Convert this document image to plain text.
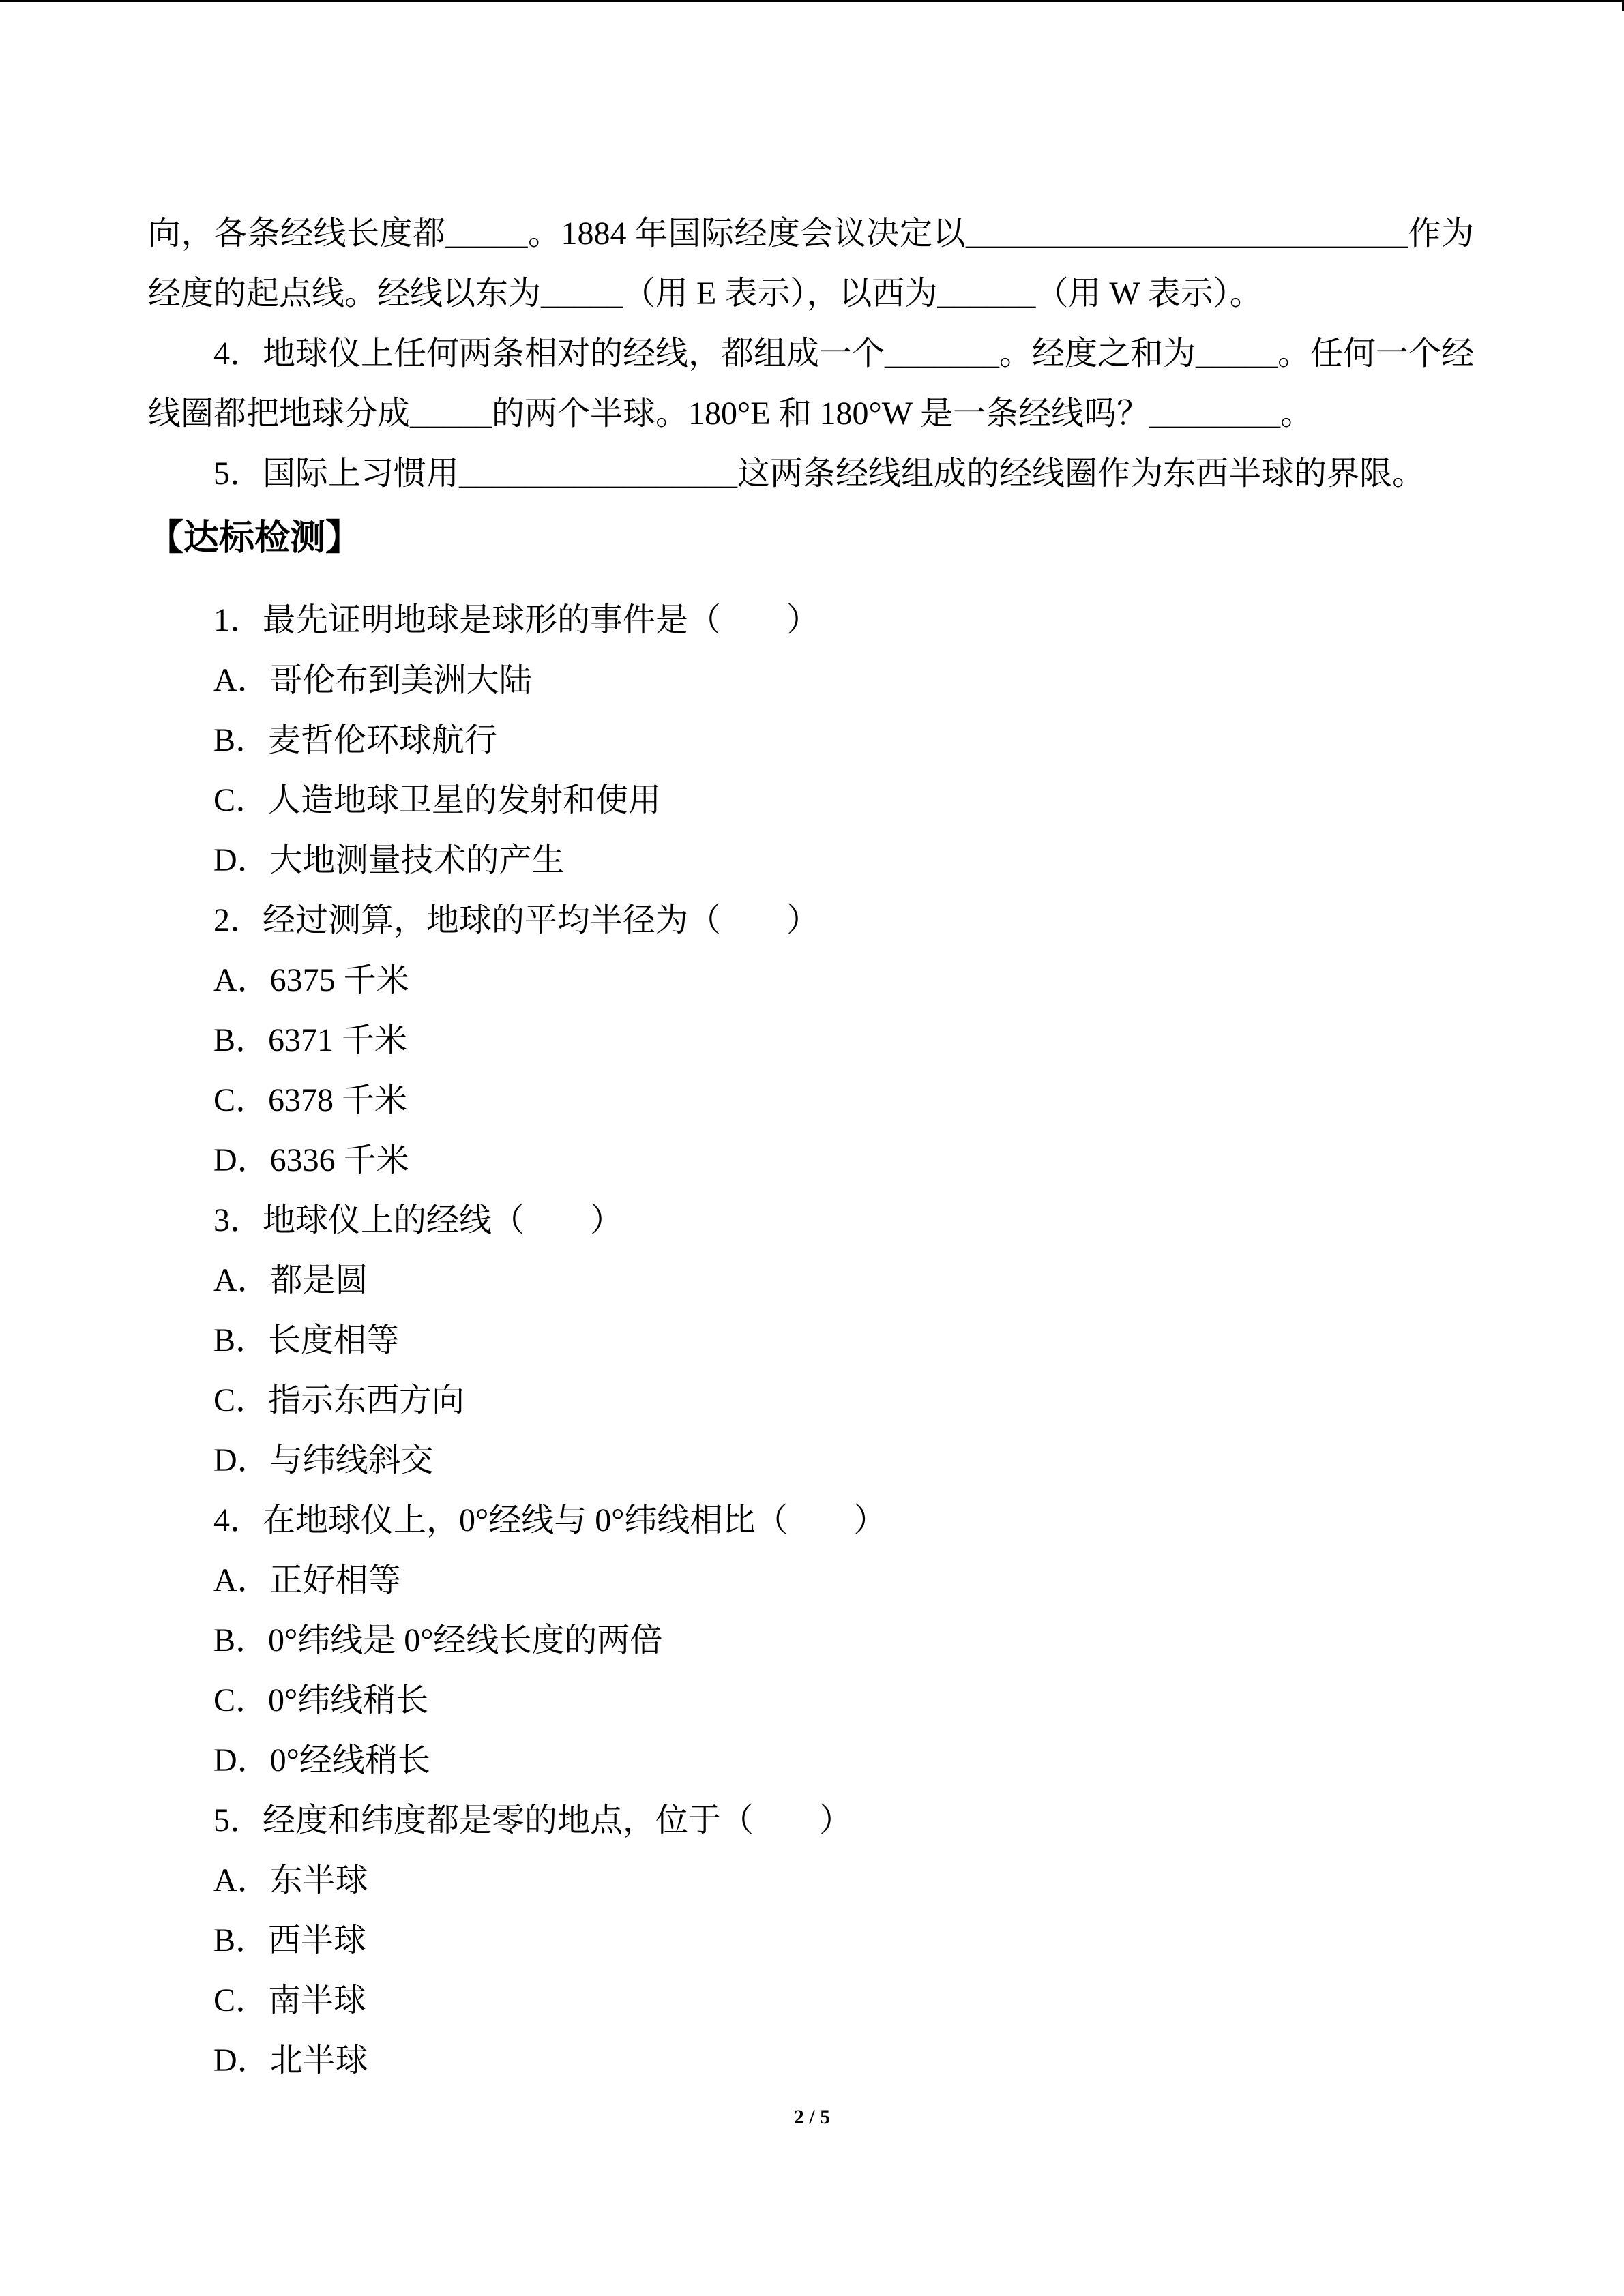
向，各条经线长度都_____。1884 年国际经度会议决定以___________________________作为
经度的起点线。经线以东为_____（用 E 表示），以西为______（用 W 表示）。
4．地球仪上任何两条相对的经线，都组成一个_______。经度之和为_____。任何一个经
线圈都把地球分成_____的两个半球。180°E 和 180°W 是一条经线吗？________。
5．国际上习惯用_________________这两条经线组成的经线圈作为东西半球的界限。
【达标检测】
1．最先证明地球是球形的事件是（　　）
A．哥伦布到美洲大陆
B．麦哲伦环球航行
C．人造地球卫星的发射和使用
D．大地测量技术的产生
2．经过测算，地球的平均半径为（　　）
A．6375 千米
B．6371 千米
C．6378 千米
D．6336 千米
3．地球仪上的经线（　　）
A．都是圆
B．长度相等
C．指示东西方向
D．与纬线斜交
4．在地球仪上，0°经线与 0°纬线相比（　　）
A．正好相等
B．0°纬线是 0°经线长度的两倍
C．0°纬线稍长
D．0°经线稍长
5．经度和纬度都是零的地点，位于（　　）
A．东半球
B．西半球
C．南半球
D．北半球
2 / 5
